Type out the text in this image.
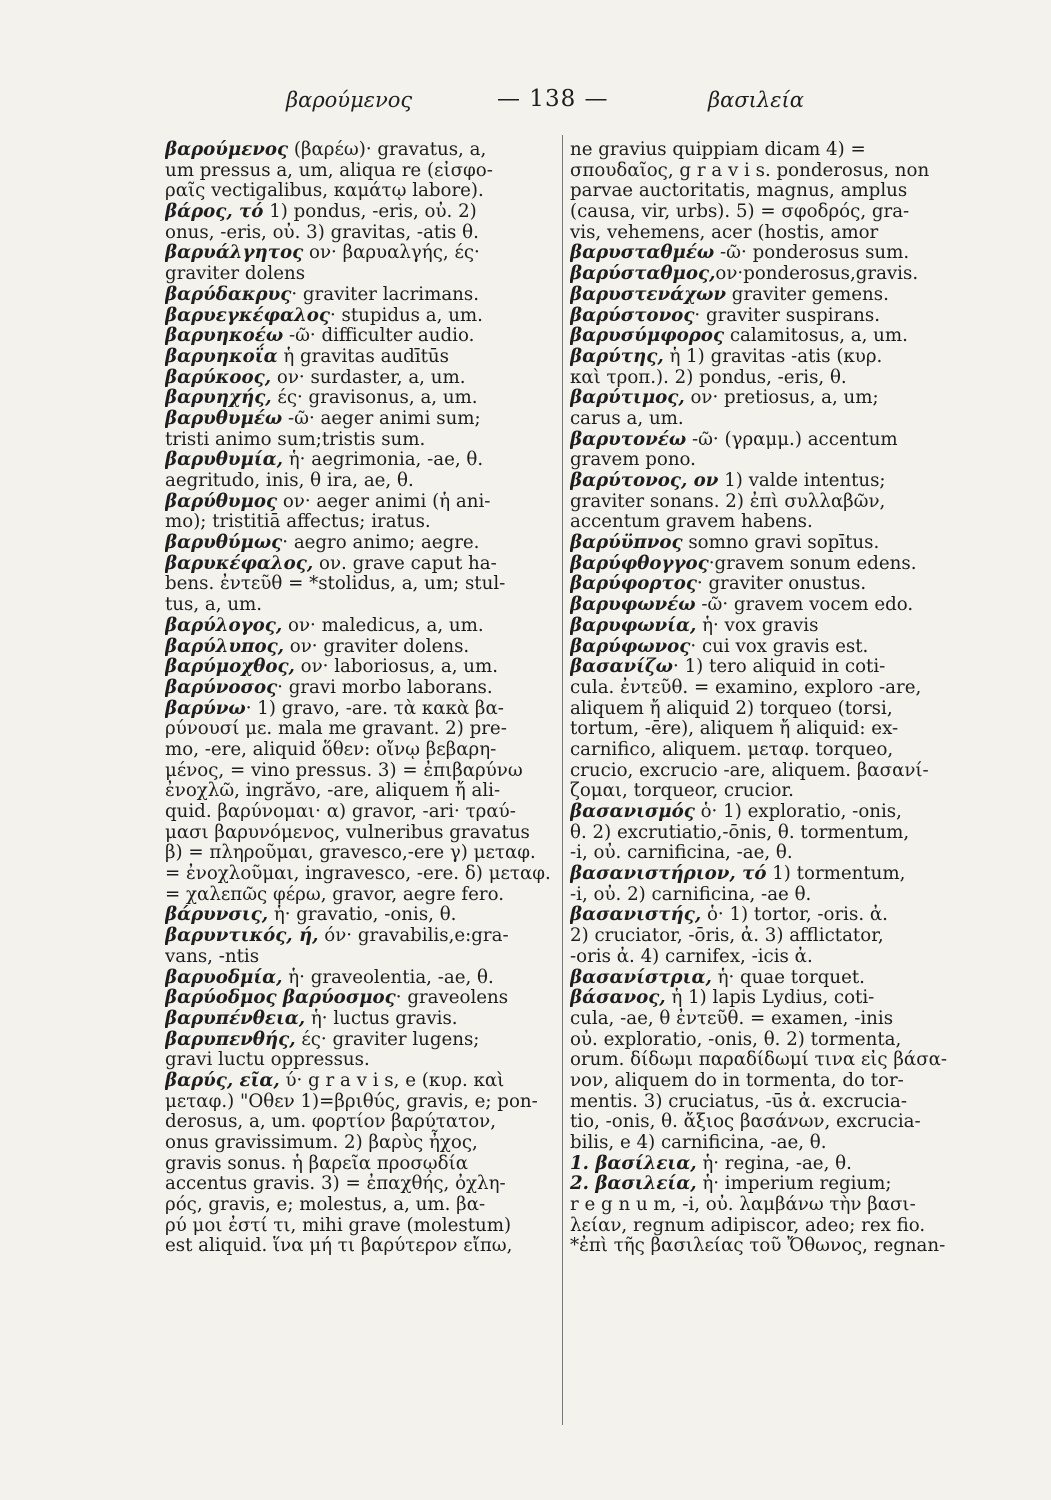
βαρούμενος	— 138 —	βασιλεία
βαρούμενος (βαρέω)· gravatus, a,
um pressus a, um, aliqua re (εἰσφο-
ραῖς vectigalibus, καμάτῳ labore).
βάρος, τό 1) pondus, -eris, οὐ. 2)
onus, -eris, οὐ. 3) gravitas, -atis θ.
βαρυάλγητος ον· βαρυαλγής, ές·
graviter dolens
βαρύδακρυς· graviter lacrimans.
βαρυεγκέφαλος· stupidus a, um.
βαρυηκοέω -ῶ· difficulter audio.
βαρυηκοΐα ἡ gravitas audītūs
βαρύκοος, ον· surdaster, a, um.
βαρυηχής, ές· gravisonus, a, um.
βαρυθυμέω -ῶ· aeger animi sum;
tristi animo sum;tristis sum.
βαρυθυμία, ἡ· aegrimonia, -ae, θ.
aegritudo, inis, θ ira, ae, θ.
βαρύθυμος ον· aeger animi (ἡ ani-
mo); tristitiā affectus; iratus.
βαρυθύμως· aegro animo; aegre.
βαρυκέφαλος, ον. grave caput ha-
bens. ἐντεῦθ = *stolidus, a, um; stul-
tus, a, um.
βαρύλογος, ον· maledicus, a, um.
βαρύλυπος, ον· graviter dolens.
βαρύμοχθος, ον· laboriosus, a, um.
βαρύνοσος· gravi morbo laborans.
βαρύνω· 1) gravo, -are. τὰ κακὰ βα-
ρύνουσί με. mala me gravant. 2) pre-
mo, -ere, aliquid ὅθεν: οἴνῳ βεβαρη-
μένος, = vino pressus. 3) = ἐπιβαρύνω
ἐνοχλῶ, ingrăvo, -are, aliquem ἤ ali-
quid. βαρύνομαι· α) gravor, -ari· τραύ-
μασι βαρυνόμενος, vulneribus gravatus
β) = πληροῦμαι, gravesco,-ere γ) μεταφ.
= ἐνοχλοῦμαι, ingravesco, -ere. δ) μεταφ.
= χαλεπῶς φέρω, gravor, aegre fero.
βάρυνσις, ἡ· gravatio, -onis, θ.
βαρυντικός, ή, όν· gravabilis,e:gra-
vans, -ntis
βαρυοδμία, ἡ· graveolentia, -ae, θ.
βαρύοδμος βαρύοσμος· graveolens
βαρυπένθεια, ἡ· luctus gravis.
βαρυπενθής, ές· graviter lugens;
gravi luctu oppressus.
βαρύς, εῖα, ύ· g r a v i s, e (κυρ. καὶ
μεταφ.) "Οθεν 1)=βριθύς, gravis, e; pon-
derosus, a, um. φορτίον βαρύτατον,
onus gravissimum. 2) βαρὺς ἦχος,
gravis sonus. ἡ βαρεῖα προσῳδία
accentus gravis. 3) = ἐπαχθής, ὀχλη-
ρός, gravis, e; molestus, a, um. βα-
ρύ μοι ἐστί τι, mihi grave (molestum)
est aliquid. ἵνα μή τι βαρύτερον εἴπω,
ne gravius quippiam dicam 4) =
σπουδαῖος, g r a v i s. ponderosus, non
parvae auctoritatis, magnus, amplus
(causa, vir, urbs). 5) = σφοδρός, gra-
vis, vehemens, acer (hostis, amor
βαρυσταθμέω -ῶ· ponderosus sum.
βαρύσταθμος,ον·ponderosus,gravis.
βαρυστενάχων graviter gemens.
βαρύστονος· graviter suspirans.
βαρυσύμφορος calamitosus, a, um.
βαρύτης, ἡ 1) gravitas -atis (κυρ.
καὶ τροπ.). 2) pondus, -eris, θ.
βαρύτιμος, ον· pretiosus, a, um;
carus a, um.
βαρυτονέω -ῶ· (γραμμ.) accentum
gravem pono.
βαρύτονος, ον 1) valde intentus;
graviter sonans. 2) ἐπὶ συλλαβῶν,
accentum gravem habens.
βαρύϋπνος somno gravi sopītus.
βαρύφθογγος·gravem sonum edens.
βαρύφορτος· graviter onustus.
βαρυφωνέω -ῶ· gravem vocem edo.
βαρυφωνία, ἡ· vox gravis
βαρύφωνος· cui vox gravis est.
βασανίζω· 1) tero aliquid in coti-
cula. ἐντεῦθ. = examino, exploro -are,
aliquem ἤ aliquid 2) torqueo (torsi,
tortum, -ēre), aliquem ἤ aliquid: ex-
carnifico, aliquem. μεταφ. torqueo,
crucio, excrucio -are, aliquem. βασανί-
ζομαι, torqueor, crucior.
βασανισμός ὁ· 1) exploratio, -onis,
θ. 2) excrutiatio,-ōnis, θ. tormentum,
-i, οὐ. carnificina, -ae, θ.
βασανιστήριον, τό 1) tormentum,
-i, οὐ. 2) carnificina, -ae θ.
βασανιστής, ὁ· 1) tortor, -oris. ἀ.
2) cruciator, -ōris, ἀ. 3) afflictator,
-oris ἀ. 4) carnifex, -icis ἀ.
βασανίστρια, ἡ· quae torquet.
βάσανος, ἡ 1) lapis Lydius, coti-
cula, -ae, θ ἐντεῦθ. = examen, -inis
οὐ. exploratio, -onis, θ. 2) tormenta,
orum. δίδωμι παραδίδωμί τινα εἰς βάσα-
νον, aliquem do in tormenta, do tor-
mentis. 3) cruciatus, -ūs ἀ. excrucia-
tio, -onis, θ. ἄξιος βασάνων, excrucia-
bilis, e 4) carnificina, -ae, θ.
1. βασίλεια, ἡ· regina, -ae, θ.
2. βασιλεία, ἡ· imperium regium;
r e g n u m, -i, οὐ. λαμβάνω τὴν βασι-
λείαν, regnum adipiscor, adeo; rex fio.
*ἐπὶ τῆς βασιλείας τοῦ Ὄθωνος, regnan-
